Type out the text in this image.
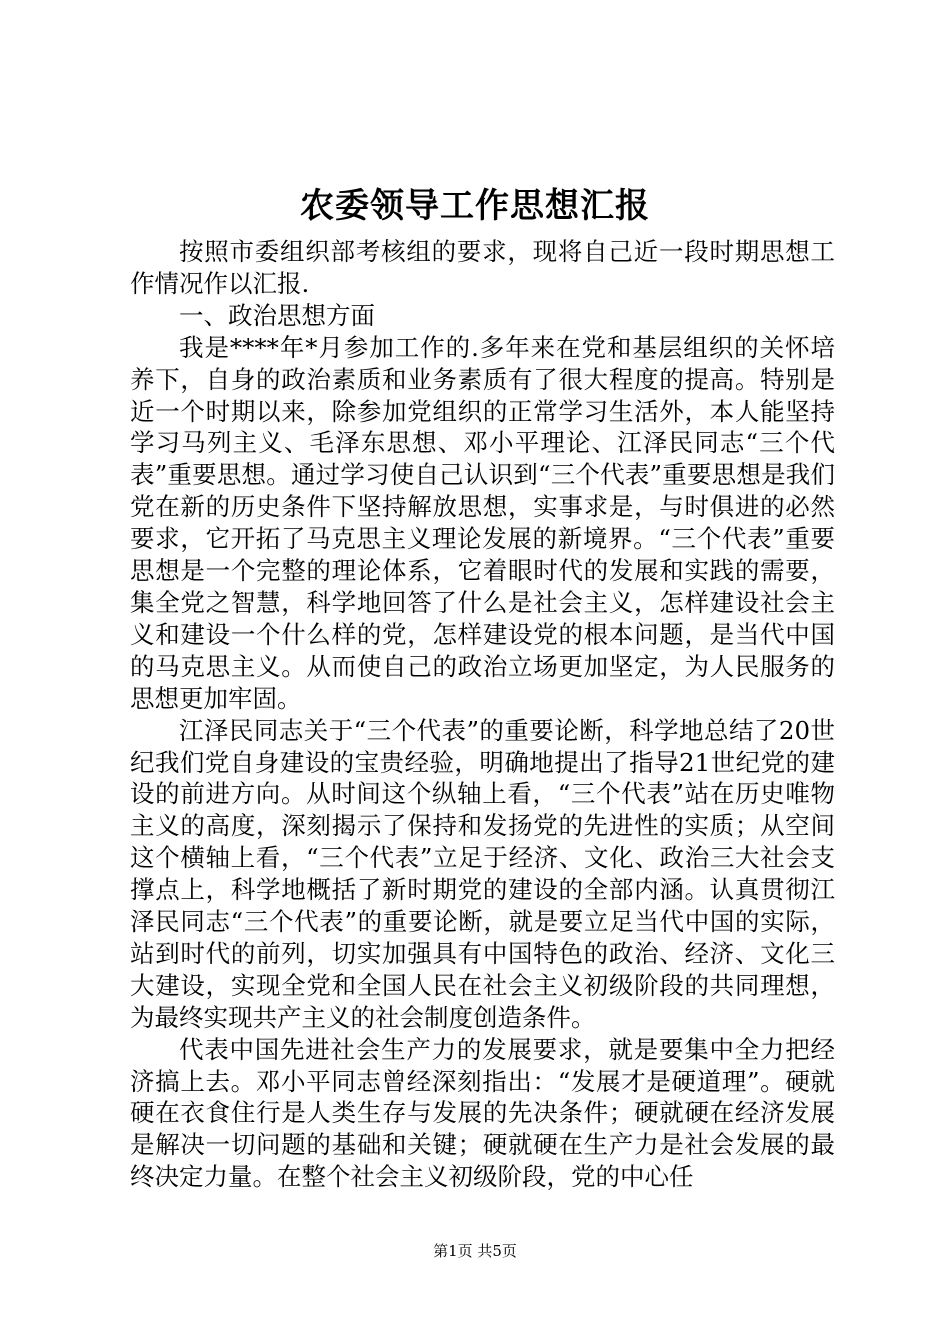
农委领导工作思想汇报

按照市委组织部考核组的要求，现将自己近一段时期思想工作情况作以汇报.

一、政治思想方面

我是****年*月参加工作的.多年来在党和基层组织的关怀培养下，自身的政治素质和业务素质有了很大程度的提高。特别是近一个时期以来，除参加党组织的正常学习生活外，本人能坚持学习马列主义、毛泽东思想、邓小平理论、江泽民同志“三个代表”重要思想。通过学习使自己认识到“三个代表”重要思想是我们党在新的历史条件下坚持解放思想，实事求是，与时俱进的必然要求，它开拓了马克思主义理论发展的新境界。“三个代表”重要思想是一个完整的理论体系，它着眼时代的发展和实践的需要，集全党之智慧，科学地回答了什么是社会主义，怎样建设社会主义和建设一个什么样的党，怎样建设党的根本问题，是当代中国的马克思主义。从而使自己的政治立场更加坚定，为人民服务的思想更加牢固。

江泽民同志关于“三个代表”的重要论断，科学地总结了20世纪我们党自身建设的宝贵经验，明确地提出了指导21世纪党的建设的前进方向。从时间这个纵轴上看，“三个代表”站在历史唯物主义的高度，深刻揭示了保持和发扬党的先进性的实质；从空间这个横轴上看，“三个代表”立足于经济、文化、政治三大社会支撑点上，科学地概括了新时期党的建设的全部内涵。认真贯彻江泽民同志“三个代表”的重要论断，就是要立足当代中国的实际，站到时代的前列，切实加强具有中国特色的政治、经济、文化三大建设，实现全党和全国人民在社会主义初级阶段的共同理想，为最终实现共产主义的社会制度创造条件。

代表中国先进社会生产力的发展要求，就是要集中全力把经济搞上去。邓小平同志曾经深刻指出：“发展才是硬道理”。硬就硬在衣食住行是人类生存与发展的先决条件；硬就硬在经济发展是解决一切问题的基础和关键；硬就硬在生产力是社会发展的最终决定力量。在整个社会主义初级阶段，党的中心任

第1页 共5页
